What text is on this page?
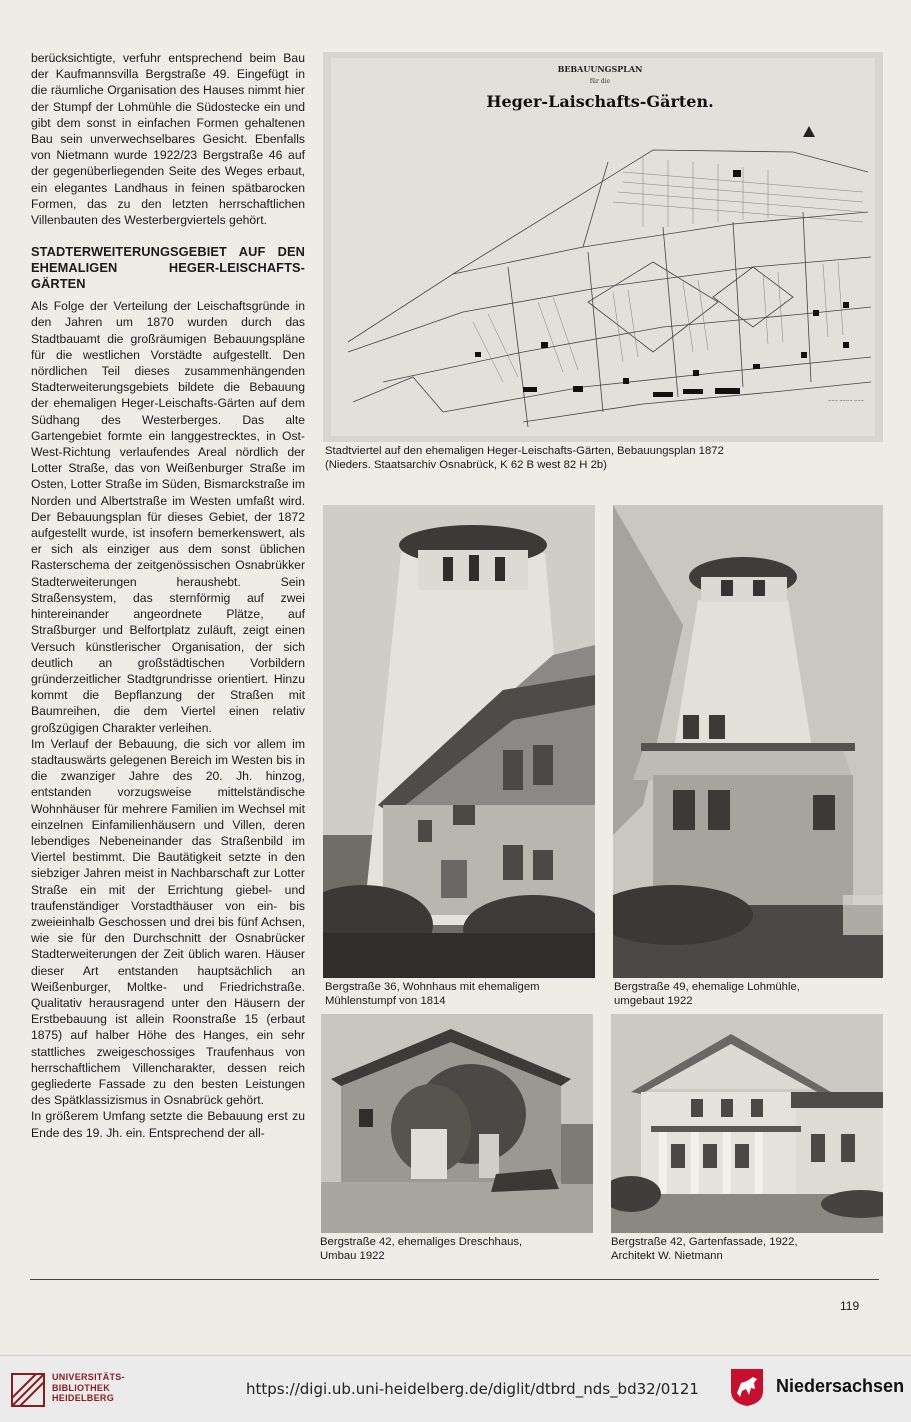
berücksichtigte, verfuhr entsprechend beim Bau der Kaufmannsvilla Bergstraße 49. Eingefügt in die räumliche Organisation des Hauses nimmt hier der Stumpf der Lohmühle die Südostecke ein und gibt dem sonst in einfachen Formen gehaltenen Bau sein unverwechselbares Gesicht. Ebenfalls von Nietmann wurde 1922/23 Bergstraße 46 auf der gegenüberliegenden Seite des Weges erbaut, ein elegantes Landhaus in feinen spätbarocken Formen, das zu den letzten herrschaftlichen Villenbauten des Westerbergviertels gehört.

STADTERWEITERUNGSGEBIET AUF DEN EHEMALIGEN HEGER-LEISCHAFTS-GÄRTEN

Als Folge der Verteilung der Leischaftsgründe in den Jahren um 1870 wurden durch das Stadtbauamt die großräumigen Bebauungspläne für die westlichen Vorstädte aufgestellt. Den nördlichen Teil dieses zusammenhängenden Stadterweiterungsgebiets bildete die Bebauung der ehemaligen Heger-Leischafts-Gärten auf dem Südhang des Westerberges. Das alte Gartengebiet formte ein langgestrecktes, in Ost-West-Richtung verlaufendes Areal nördlich der Lotter Straße, das von Weißenburger Straße im Osten, Lotter Straße im Süden, Bismarckstraße im Norden und Albertstraße im Westen umfaßt wird. Der Bebauungsplan für dieses Gebiet, der 1872 aufgestellt wurde, ist insofern bemerkenswert, als er sich als einziger aus dem sonst üblichen Rasterschema der zeitgenössischen Osnabrükker Stadterweiterungen heraushebt. Sein Straßensystem, das sternförmig auf zwei hintereinander angeordnete Plätze, auf Straßburger und Belfortplatz zuläuft, zeigt einen Versuch künstlerischer Organisation, der sich deutlich an großstädtischen Vorbildern gründerzeitlicher Stadtgrundrisse orientiert. Hinzu kommt die Bepflanzung der Straßen mit Baumreihen, die dem Viertel einen relativ großzügigen Charakter verleihen.

Im Verlauf der Bebauung, die sich vor allem im stadtauswärts gelegenen Bereich im Westen bis in die zwanziger Jahre des 20. Jh. hinzog, entstanden vorzugsweise mittelständische Wohnhäuser für mehrere Familien im Wechsel mit einzelnen Einfamilienhäusern und Villen, deren lebendiges Nebeneinander das Straßenbild im Viertel bestimmt. Die Bautätigkeit setzte in den siebziger Jahren meist in Nachbarschaft zur Lotter Straße ein mit der Errichtung giebel- und traufenständiger Vorstadthäuser von ein- bis zweieinhalb Geschossen und drei bis fünf Achsen, wie sie für den Durchschnitt der Osnabrücker Stadterweiterungen der Zeit üblich waren. Häuser dieser Art entstanden hauptsächlich an Weißenburger, Moltke- und Friedrichstraße. Qualitativ herausragend unter den Häusern der Erstbebauung ist allein Roonstraße 15 (erbaut 1875) auf halber Höhe des Hanges, ein sehr stattliches zweigeschossiges Traufenhaus von herrschaftlichem Villencharakter, dessen reich gegliederte Fassade zu den besten Leistungen des Spätklassizismus in Osnabrück gehört.

In größerem Umfang setzte die Bebauung erst zu Ende des 19. Jh. ein. Entsprechend der all-

BEBAUUNGSPLAN
für die
Heger-Laischafts-Gärten.
~~~ ~~~~ ~~~
Stadtviertel auf den ehemaligen Heger-Leischafts-Gärten, Bebauungsplan 1872
(Nieders. Staatsarchiv Osnabrück, K 62 B west 82 H 2b)
Bergstraße 36, Wohnhaus mit ehemaligem
Mühlenstumpf von 1814
Bergstraße 49, ehemalige Lohmühle,
umgebaut 1922
Bergstraße 42, ehemaliges Dreschhaus,
Umbau 1922
Bergstraße 42, Gartenfassade, 1922,
Architekt W. Nietmann
119
UNIVERSITÄTS-
BIBLIOTHEK
HEIDELBERG	https://digi.ub.uni-heidelberg.de/diglit/dtbrd_nds_bd32/0121	Niedersachsen
